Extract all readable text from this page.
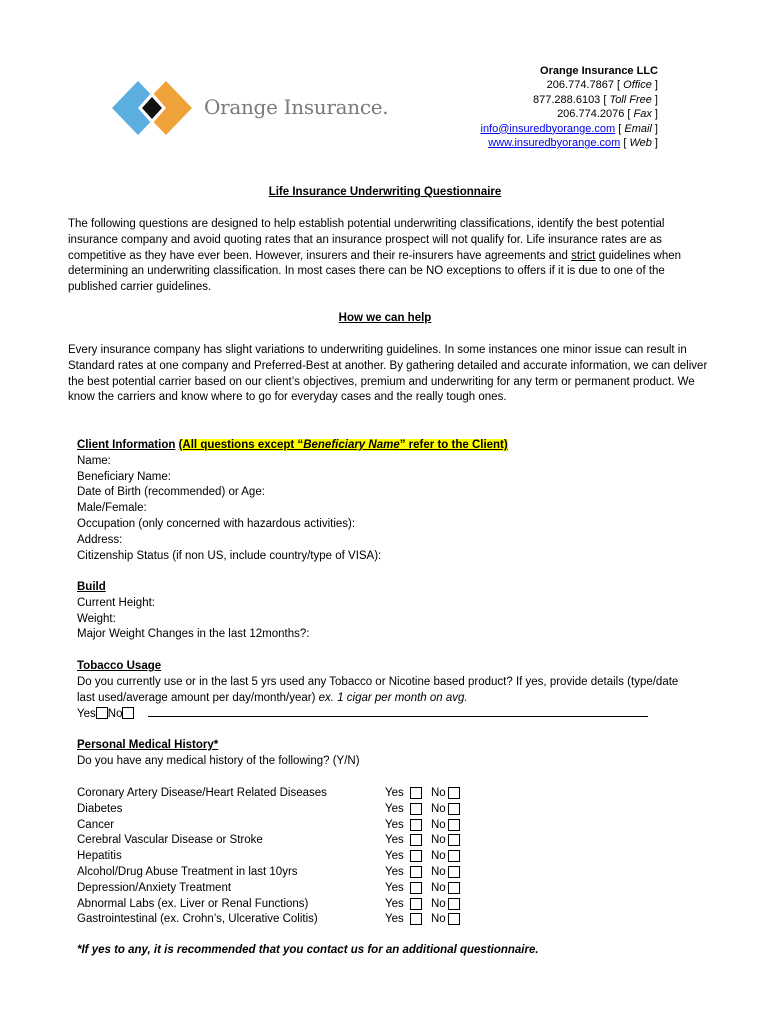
Orange Insurance.
Orange Insurance LLC
206.774.7867 [ Office ]
877.288.6103 [ Toll Free ]
206.774.2076 [ Fax ]
info@insuredbyorange.com [ Email ]
www.insuredbyorange.com [ Web ]
Life Insurance Underwriting Questionnaire
The following questions are designed to help establish potential underwriting classifications, identify the best potential insurance company and avoid quoting rates that an insurance prospect will not qualify for. Life insurance rates are as competitive as they have ever been. However, insurers and their re-insurers have agreements and strict guidelines when determining an underwriting classification. In most cases there can be NO exceptions to offers if it is due to one of the published carrier guidelines.
How we can help
Every insurance company has slight variations to underwriting guidelines. In some instances one minor issue can result in Standard rates at one company and Preferred-Best at another. By gathering detailed and accurate information, we can deliver the best potential carrier based on our client’s objectives, premium and underwriting for any term or permanent product. We know the carriers and know where to go for everyday cases and the really tough ones.
Client Information (All questions except “Beneficiary Name” refer to the Client)
Name:
Beneficiary Name:
Date of Birth (recommended) or Age:
Male/Female:
Occupation (only concerned with hazardous activities):
Address:
Citizenship Status (if non US, include country/type of VISA):
Build
Current Height:
Weight:
Major Weight Changes in the last 12months?:
Tobacco Usage
Do you currently use or in the last 5 yrs used any Tobacco or Nicotine based product? If yes, provide details (type/date last used/average amount per day/month/year) ex. 1 cigar per month on avg.
Yes No
Personal Medical History*
Do you have any medical history of the following? (Y/N)
Coronary Artery Disease/Heart Related Diseases	Yes No
Diabetes	Yes No
Cancer	Yes No
Cerebral Vascular Disease or Stroke	Yes No
Hepatitis	Yes No
Alcohol/Drug Abuse Treatment in last 10yrs	Yes No
Depression/Anxiety Treatment	Yes No
Abnormal Labs (ex. Liver or Renal Functions)	Yes No
Gastrointestinal (ex. Crohn’s, Ulcerative Colitis)	Yes No
*If yes to any, it is recommended that you contact us for an additional questionnaire.
